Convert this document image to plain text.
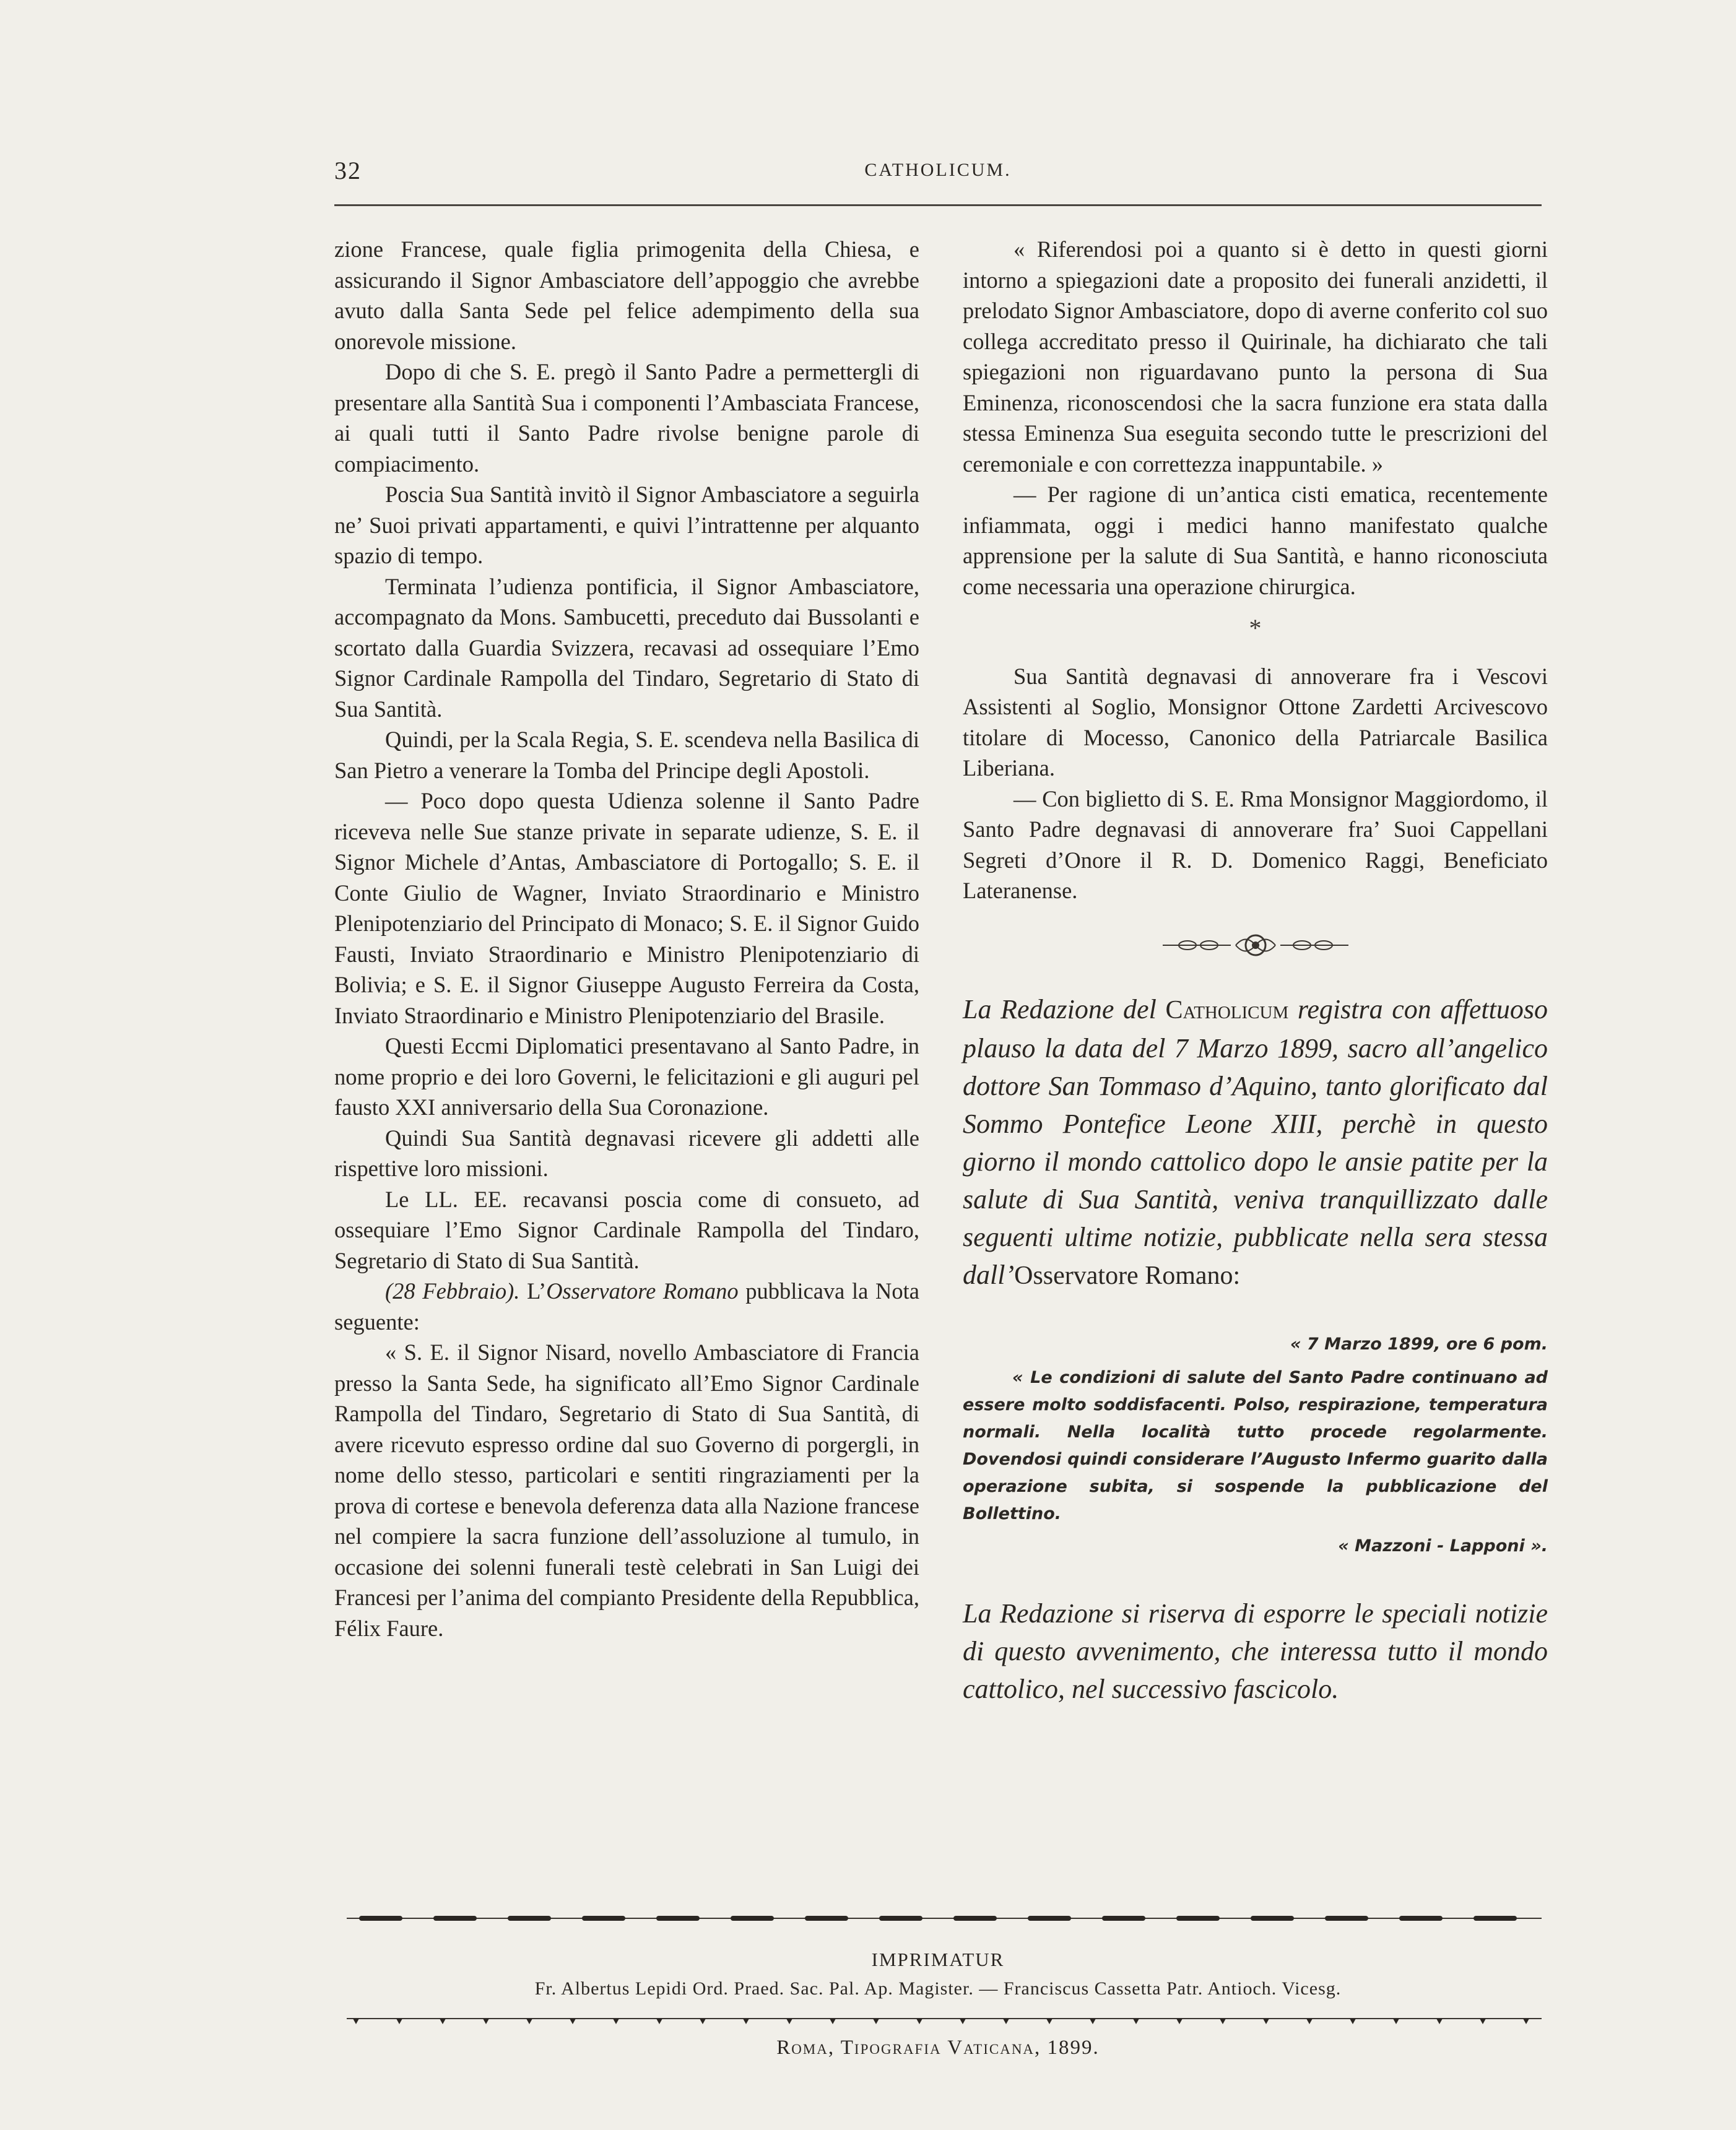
32	CATHOLICUM.

zione Francese, quale figlia primogenita della Chiesa, e assicurando il Signor Ambasciatore dell’appoggio che avrebbe avuto dalla Santa Sede pel felice adempimento della sua onorevole missione.

Dopo di che S. E. pregò il Santo Padre a permettergli di presentare alla Santità Sua i componenti l’Ambasciata Francese, ai quali tutti il Santo Padre rivolse benigne parole di compiacimento.

Poscia Sua Santità invitò il Signor Ambasciatore a seguirla ne’ Suoi privati appartamenti, e quivi l’intrattenne per alquanto spazio di tempo.

Terminata l’udienza pontificia, il Signor Ambasciatore, accompagnato da Mons. Sambucetti, preceduto dai Bussolanti e scortato dalla Guardia Svizzera, recavasi ad ossequiare l’Emo Signor Cardinale Rampolla del Tindaro, Segretario di Stato di Sua Santità.

Quindi, per la Scala Regia, S. E. scendeva nella Basilica di San Pietro a venerare la Tomba del Principe degli Apostoli.

— Poco dopo questa Udienza solenne il Santo Padre riceveva nelle Sue stanze private in separate udienze, S. E. il Signor Michele d’Antas, Ambasciatore di Portogallo; S. E. il Conte Giulio de Wagner, Inviato Straordinario e Ministro Plenipotenziario del Principato di Monaco; S. E. il Signor Guido Fausti, Inviato Straordinario e Ministro Plenipotenziario di Bolivia; e S. E. il Signor Giuseppe Augusto Ferreira da Costa, Inviato Straordinario e Ministro Plenipotenziario del Brasile.

Questi Eccmi Diplomatici presentavano al Santo Padre, in nome proprio e dei loro Governi, le felicitazioni e gli auguri pel fausto XXI anniversario della Sua Coronazione.

Quindi Sua Santità degnavasi ricevere gli addetti alle rispettive loro missioni.

Le LL. EE. recavansi poscia come di consueto, ad ossequiare l’Emo Signor Cardinale Rampolla del Tindaro, Segretario di Stato di Sua Santità.

(28 Febbraio). L’Osservatore Romano pubblicava la Nota seguente:

« S. E. il Signor Nisard, novello Ambasciatore di Francia presso la Santa Sede, ha significato all’Emo Signor Cardinale Rampolla del Tindaro, Segretario di Stato di Sua Santità, di avere ricevuto espresso ordine dal suo Governo di porgergli, in nome dello stesso, particolari e sentiti ringraziamenti per la prova di cortese e benevola deferenza data alla Nazione francese nel compiere la sacra funzione dell’assoluzione al tumulo, in occasione dei solenni funerali testè celebrati in San Luigi dei Francesi per l’anima del compianto Presidente della Repubblica, Félix Faure.

« Riferendosi poi a quanto si è detto in questi giorni intorno a spiegazioni date a proposito dei funerali anzidetti, il prelodato Signor Ambasciatore, dopo di averne conferito col suo collega accreditato presso il Quirinale, ha dichiarato che tali spiegazioni non riguardavano punto la persona di Sua Eminenza, riconoscendosi che la sacra funzione era stata dalla stessa Eminenza Sua eseguita secondo tutte le prescrizioni del ceremoniale e con correttezza inappuntabile. »

— Per ragione di un’antica cisti ematica, recentemente infiammata, oggi i medici hanno manifestato qualche apprensione per la salute di Sua Santità, e hanno riconosciuta come necessaria una operazione chirurgica.

*

Sua Santità degnavasi di annoverare fra i Vescovi Assistenti al Soglio, Monsignor Ottone Zardetti Arcivescovo titolare di Mocesso, Canonico della Patriarcale Basilica Liberiana.

— Con biglietto di S. E. Rma Monsignor Maggiordomo, il Santo Padre degnavasi di annoverare fra’ Suoi Cappellani Segreti d’Onore il R. D. Domenico Raggi, Beneficiato Lateranense.

La Redazione del Catholicum registra con affettuoso plauso la data del 7 Marzo 1899, sacro all’angelico dottore San Tommaso d’Aquino, tanto glorificato dal Sommo Pontefice Leone XIII, perchè in questo giorno il mondo cattolico dopo le ansie patite per la salute di Sua Santità, veniva tranquillizzato dalle seguenti ultime notizie, pubblicate nella sera stessa dall’Osservatore Romano:

« 7 Marzo 1899, ore 6 pom.

« Le condizioni di salute del Santo Padre continuano ad essere molto soddisfacenti. Polso, respirazione, temperatura normali. Nella località tutto procede regolarmente. Dovendosi quindi considerare l’Augusto Infermo guarito dalla operazione subita, si sospende la pubblicazione del Bollettino.

« Mazzoni - Lapponi ».

La Redazione si riserva di esporre le speciali notizie di questo avvenimento, che interessa tutto il mondo cattolico, nel successivo fascicolo.
IMPRIMATUR
Fr. Albertus Lepidi Ord. Praed. Sac. Pal. Ap. Magister. — Franciscus Cassetta Patr. Antioch. Vicesg.
Roma, Tipografia Vaticana, 1899.
